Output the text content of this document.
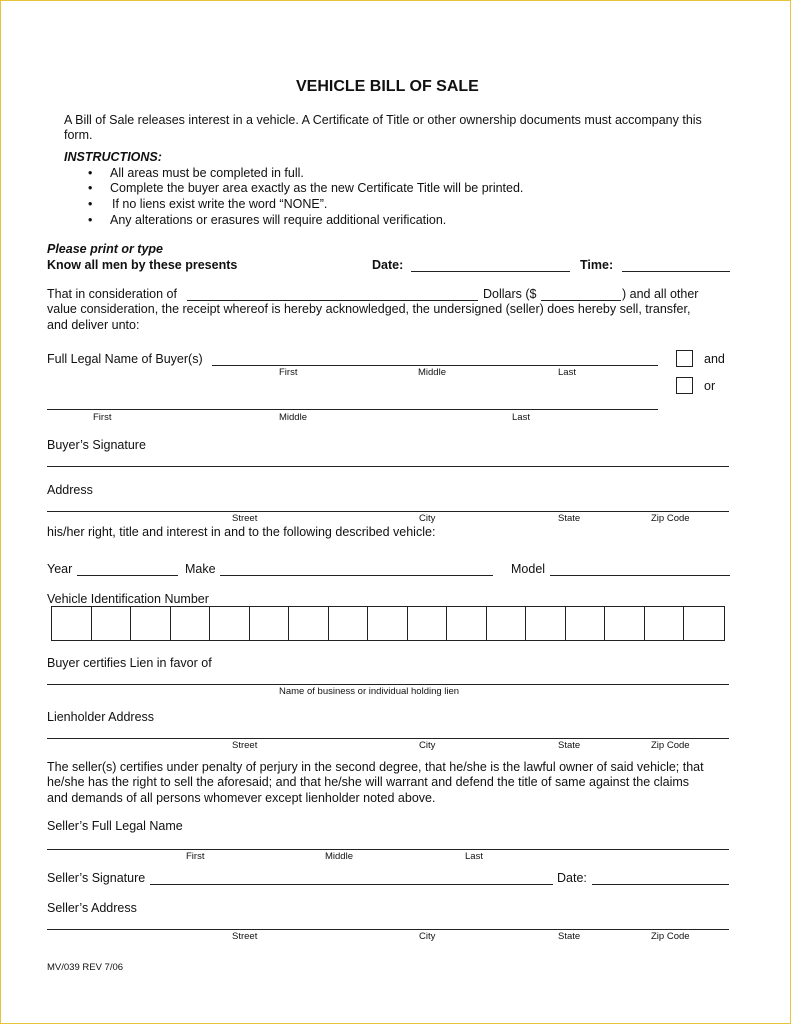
VEHICLE BILL OF SALE
A Bill of Sale releases interest in a vehicle. A Certificate of Title or other ownership documents must accompany this
form.
INSTRUCTIONS:
• All areas must be completed in full.
• Complete the buyer area exactly as the new Certificate Title will be printed.
• If no liens exist write the word “NONE”.
• Any alterations or erasures will require additional verification.
Please print or type
Know all men by these presents	Date:	Time:
That in consideration of	Dollars ($	) and all other
value consideration, the receipt whereof is hereby acknowledged, the undersigned (seller) does hereby sell, transfer,
and deliver unto:
Full Legal Name of Buyer(s)
First	Middle	Last
and
or
First	Middle	Last
Buyer’s Signature
Address
Street	City	State	Zip Code
his/her right, title and interest in and to the following described vehicle:
Year	Make	Model
Vehicle Identification Number
Buyer certifies Lien in favor of
Name of business or individual holding lien
Lienholder Address
Street	City	State	Zip Code
The seller(s) certifies under penalty of perjury in the second degree, that he/she is the lawful owner of said vehicle; that
he/she has the right to sell the aforesaid; and that he/she will warrant and defend the title of same against the claims
and demands of all persons whomever except lienholder noted above.
Seller’s Full Legal Name
First	Middle	Last
Seller’s Signature	Date:
Seller’s Address
Street	City	State	Zip Code
MV/039 REV 7/06
